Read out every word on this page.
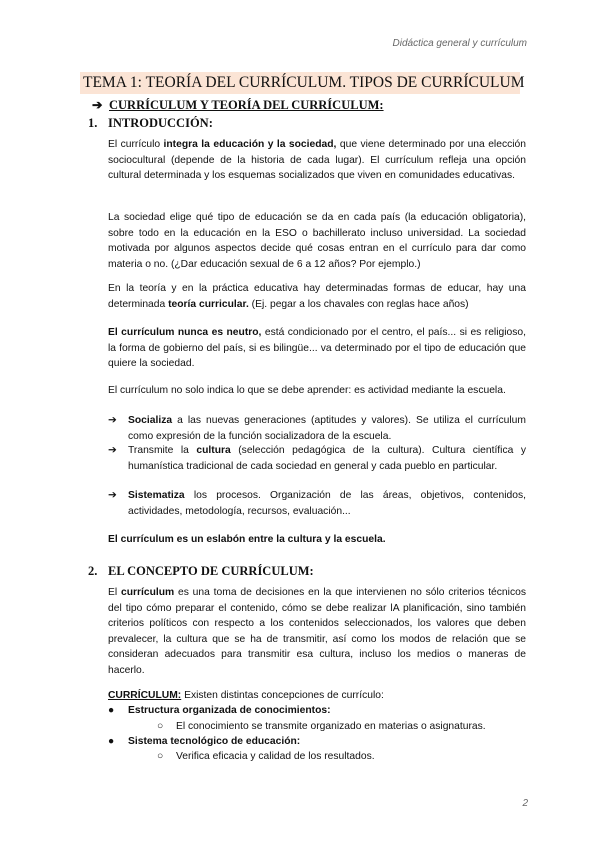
Didáctica general y currículum
TEMA 1: TEORÍA DEL CURRÍCULUM. TIPOS DE CURRÍCULUM
➔ CURRÍCULUM Y TEORÍA DEL CURRÍCULUM:
1. INTRODUCCIÓN:
El currículo integra la educación y la sociedad, que viene determinado por una elección sociocultural (depende de la historia de cada lugar). El currículum refleja una opción cultural determinada y los esquemas socializados que viven en comunidades educativas.
La sociedad elige qué tipo de educación se da en cada país (la educación obligatoria), sobre todo en la educación en la ESO o bachillerato incluso universidad. La sociedad motivada por algunos aspectos decide qué cosas entran en el currículo para dar como materia o no. (¿Dar educación sexual de 6 a 12 años? Por ejemplo.)
En la teoría y en la práctica educativa hay determinadas formas de educar, hay una determinada teoría curricular. (Ej. pegar a los chavales con reglas hace años)
El currículum nunca es neutro, está condicionado por el centro, el país... si es religioso, la forma de gobierno del país, si es bilingüe... va determinado por el tipo de educación que quiere la sociedad.
El currículum no solo indica lo que se debe aprender: es actividad mediante la escuela.
➔ Socializa a las nuevas generaciones (aptitudes y valores). Se utiliza el currículum como expresión de la función socializadora de la escuela.
➔ Transmite la cultura (selección pedagógica de la cultura). Cultura científica y humanística tradicional de cada sociedad en general y cada pueblo en particular.
➔ Sistematiza los procesos. Organización de las áreas, objetivos, contenidos, actividades, metodología, recursos, evaluación...
El currículum es un eslabón entre la cultura y la escuela.
2. EL CONCEPTO DE CURRÍCULUM:
El currículum es una toma de decisiones en la que intervienen no sólo criterios técnicos del tipo cómo preparar el contenido, cómo se debe realizar lA planificación, sino también criterios políticos con respecto a los contenidos seleccionados, los valores que deben prevalecer, la cultura que se ha de transmitir, así como los modos de relación que se consideran adecuados para transmitir esa cultura, incluso los medios o maneras de hacerlo.
CURRÍCULUM: Existen distintas concepciones de currículo:
● Estructura organizada de conocimientos:
○ El conocimiento se transmite organizado en materias o asignaturas.
● Sistema tecnológico de educación:
○ Verifica eficacia y calidad de los resultados.
2
